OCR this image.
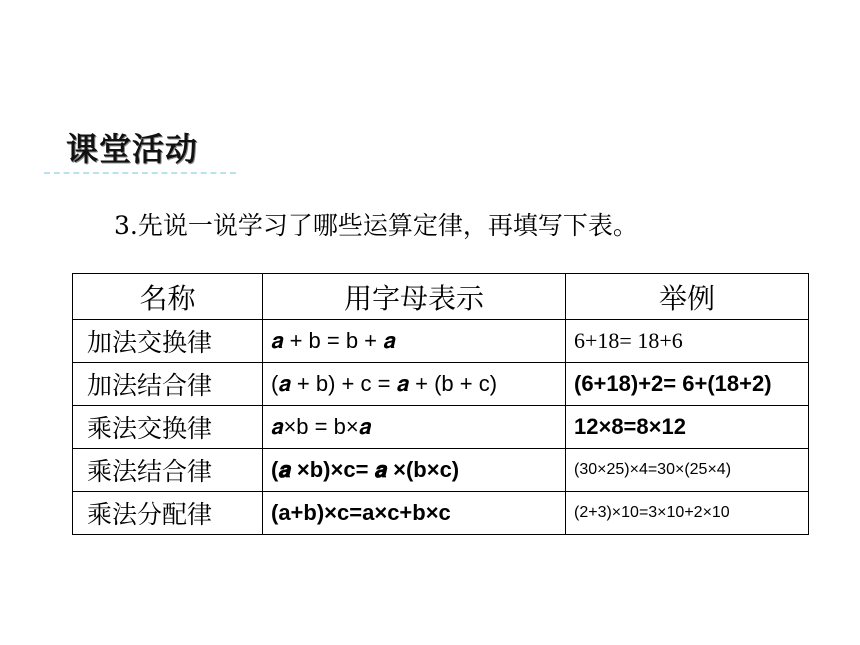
课堂活动
3.先说一说学习了哪些运算定律，再填写下表。
名称	用字母表示	举例
加法交换律	𝒂 + b = b + 𝒂	6+18= 18+6
加法结合律	(𝒂 + b) + c = 𝒂 + (b + c)	(6+18)+2= 6+(18+2)
乘法交换律	𝒂×b = b×𝒂	12×8=8×12
乘法结合律	(𝒂 ×b)×c= 𝒂 ×(b×c)	(30×25)×4=30×(25×4)
乘法分配律	(a+b)×c=a×c+b×c	(2+3)×10=3×10+2×10
